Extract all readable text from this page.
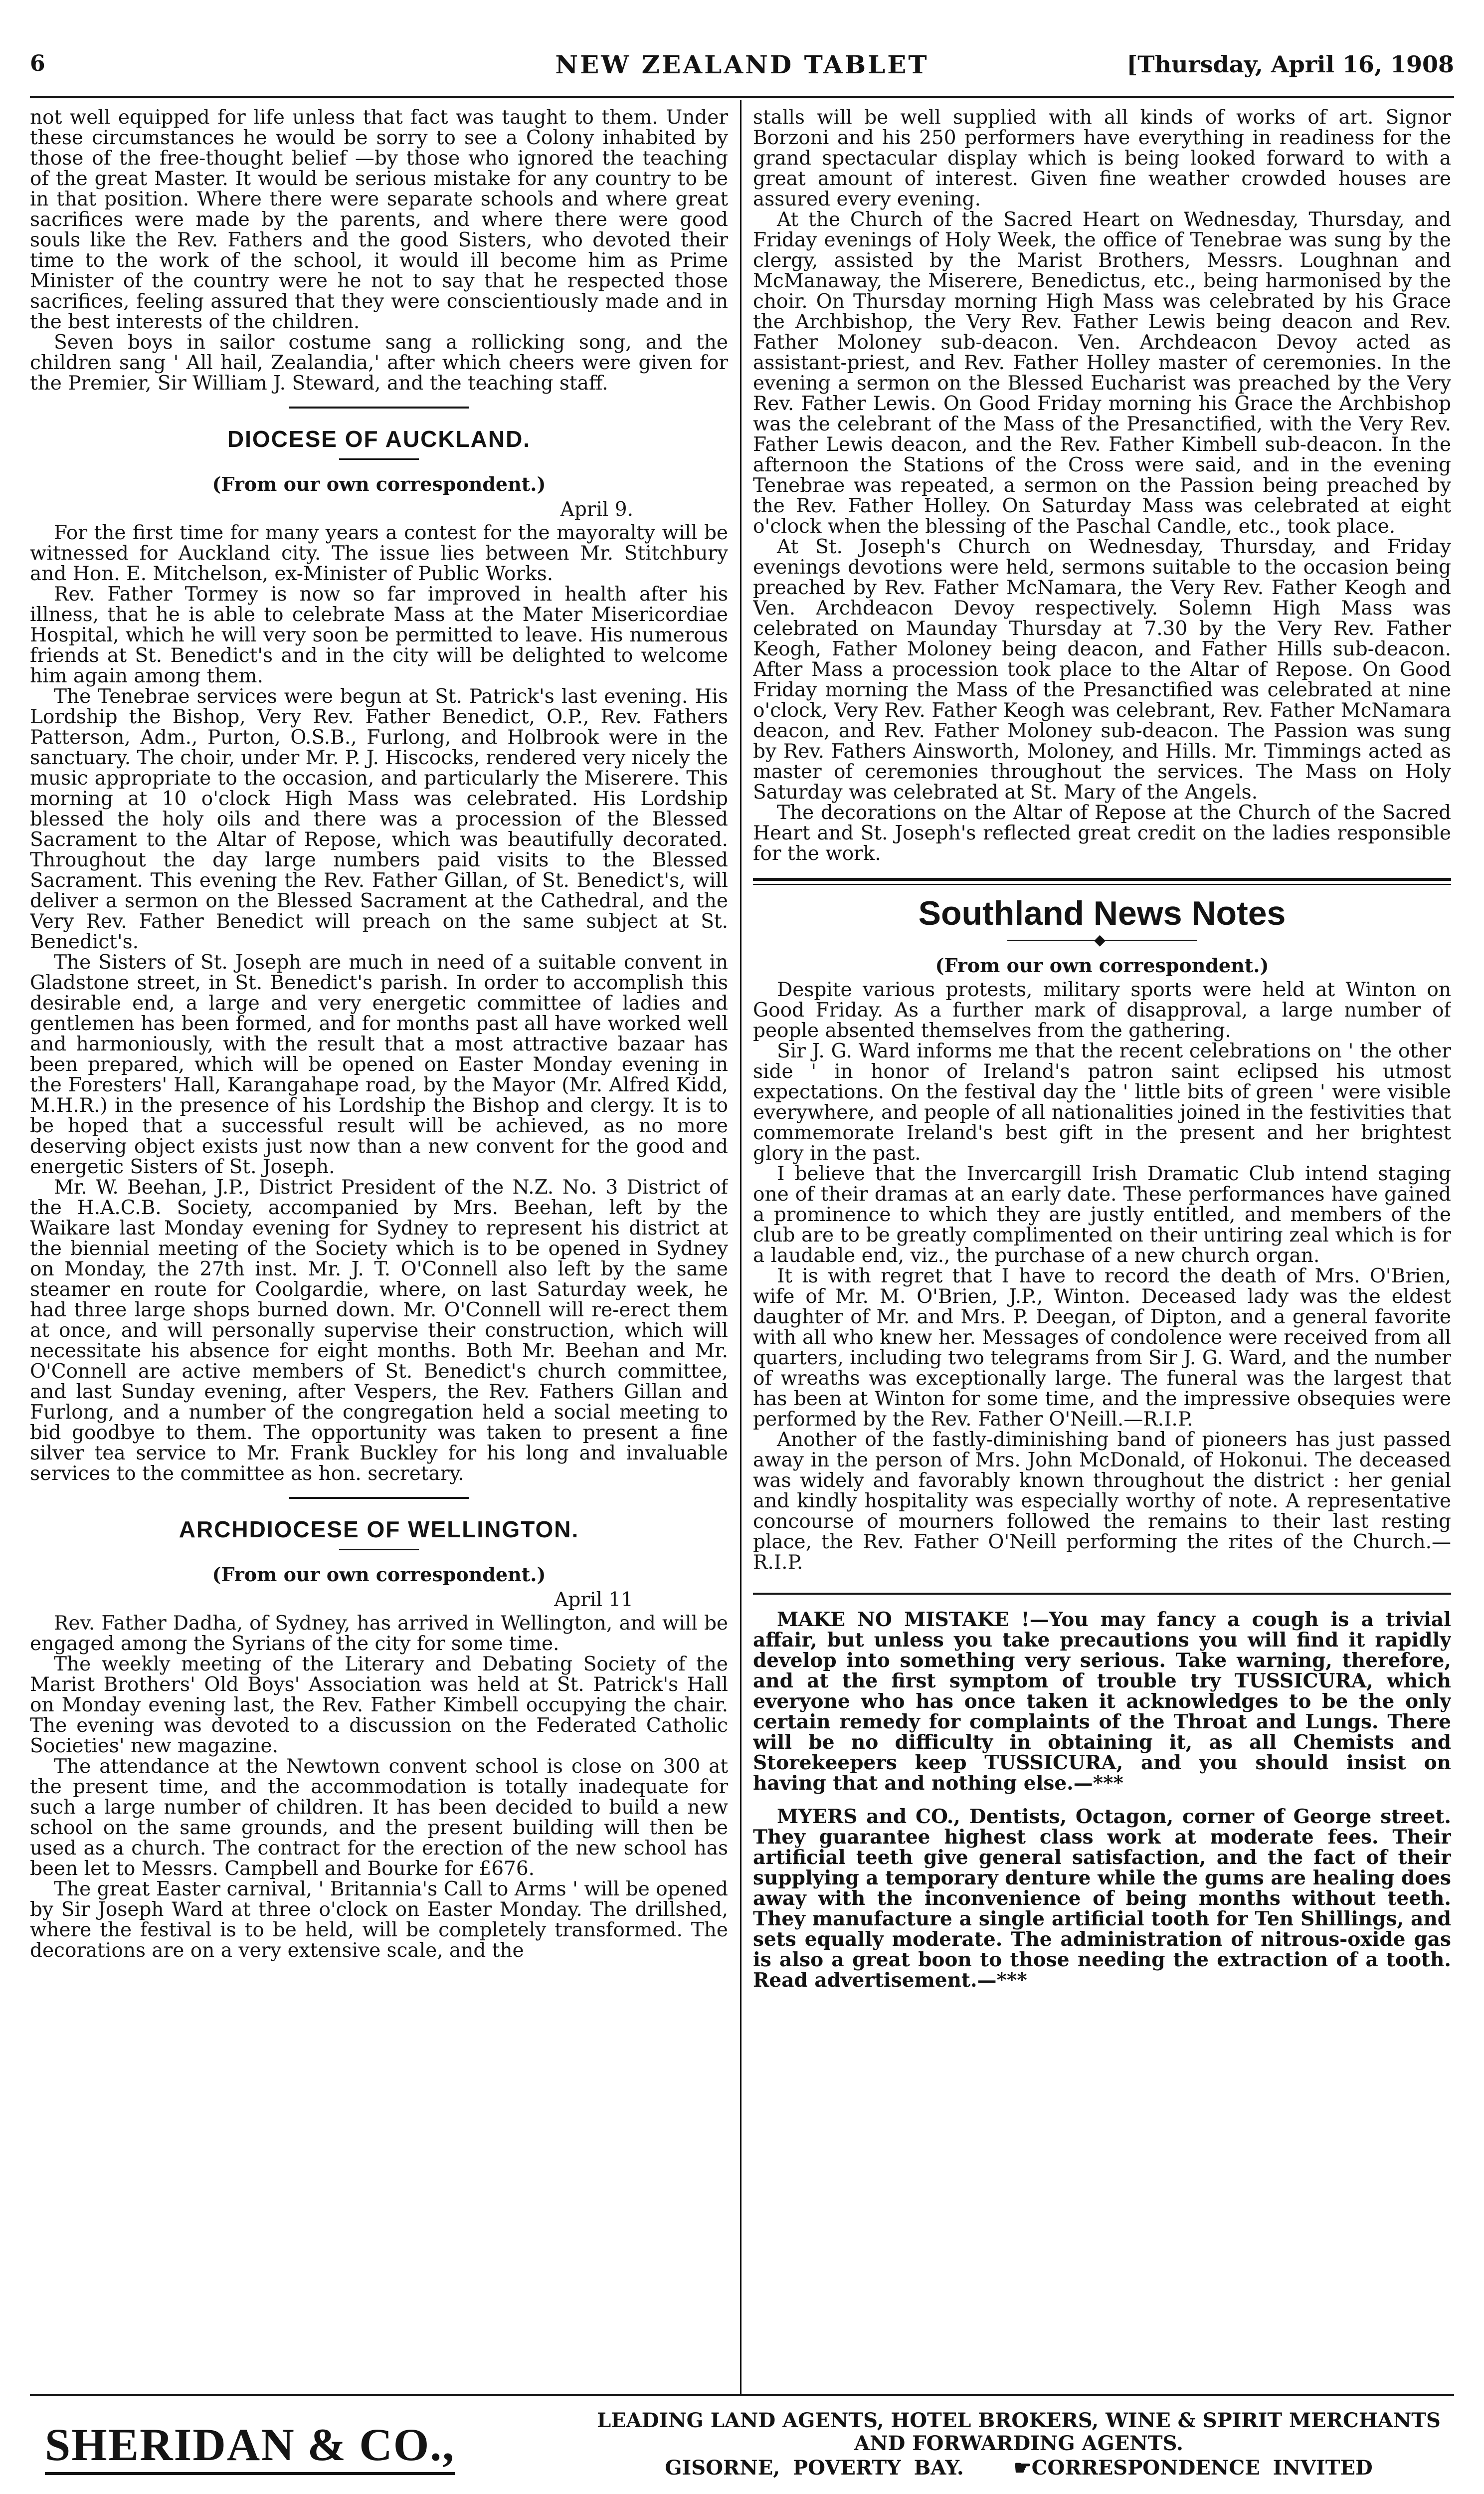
6	NEW ZEALAND TABLET	[Thursday, April 16, 1908

not well equipped for life unless that fact was taught to them. Under these circumstances he would be sorry to see a Colony inhabited by those of the free-thought belief —by those who ignored the teaching of the great Master. It would be serious mistake for any country to be in that position. Where there were separate schools and where great sacrifices were made by the parents, and where there were good souls like the Rev. Fathers and the good Sisters, who devoted their time to the work of the school, it would ill become him as Prime Minister of the country were he not to say that he respected those sacrifices, feeling assured that they were conscientiously made and in the best interests of the children.

Seven boys in sailor costume sang a rollicking song, and the children sang ' All hail, Zealandia,' after which cheers were given for the Premier, Sir William J. Steward, and the teaching staff.

DIOCESE OF AUCKLAND.
(From our own correspondent.)
April 9.

For the first time for many years a contest for the mayoralty will be witnessed for Auckland city. The issue lies between Mr. Stitchbury and Hon. E. Mitchelson, ex-Minister of Public Works.

Rev. Father Tormey is now so far improved in health after his illness, that he is able to celebrate Mass at the Mater Misericordiae Hospital, which he will very soon be permitted to leave. His numerous friends at St. Benedict's and in the city will be delighted to welcome him again among them.

The Tenebrae services were begun at St. Patrick's last evening. His Lordship the Bishop, Very Rev. Father Benedict, O.P., Rev. Fathers Patterson, Adm., Purton, O.S.B., Furlong, and Holbrook were in the sanctuary. The choir, under Mr. P. J. Hiscocks, rendered very nicely the music appropriate to the occasion, and particularly the Miserere. This morning at 10 o'clock High Mass was celebrated. His Lordship blessed the holy oils and there was a procession of the Blessed Sacrament to the Altar of Repose, which was beautifully decorated. Throughout the day large numbers paid visits to the Blessed Sacrament. This evening the Rev. Father Gillan, of St. Benedict's, will deliver a sermon on the Blessed Sacrament at the Cathedral, and the Very Rev. Father Benedict will preach on the same subject at St. Benedict's.

The Sisters of St. Joseph are much in need of a suitable convent in Gladstone street, in St. Benedict's parish. In order to accomplish this desirable end, a large and very energetic committee of ladies and gentlemen has been formed, and for months past all have worked well and harmoniously, with the result that a most attractive bazaar has been prepared, which will be opened on Easter Monday evening in the Foresters' Hall, Karangahape road, by the Mayor (Mr. Alfred Kidd, M.H.R.) in the presence of his Lordship the Bishop and clergy. It is to be hoped that a successful result will be achieved, as no more deserving object exists just now than a new convent for the good and energetic Sisters of St. Joseph.

Mr. W. Beehan, J.P., District President of the N.Z. No. 3 District of the H.A.C.B. Society, accompanied by Mrs. Beehan, left by the Waikare last Monday evening for Sydney to represent his district at the biennial meeting of the Society which is to be opened in Sydney on Monday, the 27th inst. Mr. J. T. O'Connell also left by the same steamer en route for Coolgardie, where, on last Saturday week, he had three large shops burned down. Mr. O'Connell will re-erect them at once, and will personally supervise their construction, which will necessitate his absence for eight months. Both Mr. Beehan and Mr. O'Connell are active members of St. Benedict's church committee, and last Sunday evening, after Vespers, the Rev. Fathers Gillan and Furlong, and a number of the congregation held a social meeting to bid goodbye to them. The opportunity was taken to present a fine silver tea service to Mr. Frank Buckley for his long and invaluable services to the committee as hon. secretary.

ARCHDIOCESE OF WELLINGTON.
(From our own correspondent.)
April 11

Rev. Father Dadha, of Sydney, has arrived in Wellington, and will be engaged among the Syrians of the city for some time.

The weekly meeting of the Literary and Debating Society of the Marist Brothers' Old Boys' Association was held at St. Patrick's Hall on Monday evening last, the Rev. Father Kimbell occupying the chair. The evening was devoted to a discussion on the Federated Catholic Societies' new magazine.

The attendance at the Newtown convent school is close on 300 at the present time, and the accommodation is totally inadequate for such a large number of children. It has been decided to build a new school on the same grounds, and the present building will then be used as a church. The contract for the erection of the new school has been let to Messrs. Campbell and Bourke for £676.

The great Easter carnival, ' Britannia's Call to Arms ' will be opened by Sir Joseph Ward at three o'clock on Easter Monday. The drillshed, where the festival is to be held, will be completely transformed. The decorations are on a very extensive scale, and the

stalls will be well supplied with all kinds of works of art. Signor Borzoni and his 250 performers have everything in readiness for the grand spectacular display which is being looked forward to with a great amount of interest. Given fine weather crowded houses are assured every evening.

At the Church of the Sacred Heart on Wednesday, Thursday, and Friday evenings of Holy Week, the office of Tenebrae was sung by the clergy, assisted by the Marist Brothers, Messrs. Loughnan and McManaway, the Miserere, Benedictus, etc., being harmonised by the choir. On Thursday morning High Mass was celebrated by his Grace the Archbishop, the Very Rev. Father Lewis being deacon and Rev. Father Moloney sub-deacon. Ven. Archdeacon Devoy acted as assistant-priest, and Rev. Father Holley master of ceremonies. In the evening a sermon on the Blessed Eucharist was preached by the Very Rev. Father Lewis. On Good Friday morning his Grace the Archbishop was the celebrant of the Mass of the Presanctified, with the Very Rev. Father Lewis deacon, and the Rev. Father Kimbell sub-deacon. In the afternoon the Stations of the Cross were said, and in the evening Tenebrae was repeated, a sermon on the Passion being preached by the Rev. Father Holley. On Saturday Mass was celebrated at eight o'clock when the blessing of the Paschal Candle, etc., took place.

At St. Joseph's Church on Wednesday, Thursday, and Friday evenings devotions were held, sermons suitable to the occasion being preached by Rev. Father McNamara, the Very Rev. Father Keogh and Ven. Archdeacon Devoy respectively. Solemn High Mass was celebrated on Maunday Thursday at 7.30 by the Very Rev. Father Keogh, Father Moloney being deacon, and Father Hills sub-deacon. After Mass a procession took place to the Altar of Repose. On Good Friday morning the Mass of the Presanctified was celebrated at nine o'clock, Very Rev. Father Keogh was celebrant, Rev. Father McNamara deacon, and Rev. Father Moloney sub-deacon. The Passion was sung by Rev. Fathers Ainsworth, Moloney, and Hills. Mr. Timmings acted as master of ceremonies throughout the services. The Mass on Holy Saturday was celebrated at St. Mary of the Angels.

The decorations on the Altar of Repose at the Church of the Sacred Heart and St. Joseph's reflected great credit on the ladies responsible for the work.

Southland News Notes
◆
(From our own correspondent.)

Despite various protests, military sports were held at Winton on Good Friday. As a further mark of disapproval, a large number of people absented themselves from the gathering.

Sir J. G. Ward informs me that the recent celebrations on ' the other side ' in honor of Ireland's patron saint eclipsed his utmost expectations. On the festival day the ' little bits of green ' were visible everywhere, and people of all nationalities joined in the festivities that commemorate Ireland's best gift in the present and her brightest glory in the past.

I believe that the Invercargill Irish Dramatic Club intend staging one of their dramas at an early date. These performances have gained a prominence to which they are justly entitled, and members of the club are to be greatly complimented on their untiring zeal which is for a laudable end, viz., the purchase of a new church organ.

It is with regret that I have to record the death of Mrs. O'Brien, wife of Mr. M. O'Brien, J.P., Winton. Deceased lady was the eldest daughter of Mr. and Mrs. P. Deegan, of Dipton, and a general favorite with all who knew her. Messages of condolence were received from all quarters, including two telegrams from Sir J. G. Ward, and the number of wreaths was exceptionally large. The funeral was the largest that has been at Winton for some time, and the impressive obsequies were performed by the Rev. Father O'Neill.—R.I.P.

Another of the fastly-diminishing band of pioneers has just passed away in the person of Mrs. John McDonald, of Hokonui. The deceased was widely and favorably known throughout the district : her genial and kindly hospitality was especially worthy of note. A representative concourse of mourners followed the remains to their last resting place, the Rev. Father O'Neill performing the rites of the Church.—R.I.P.

MAKE NO MISTAKE !—You may fancy a cough is a trivial affair, but unless you take precautions you will find it rapidly develop into something very serious. Take warning, therefore, and at the first symptom of trouble try TUSSICURA, which everyone who has once taken it acknowledges to be the only certain remedy for complaints of the Throat and Lungs. There will be no difficulty in obtaining it, as all Chemists and Storekeepers keep TUSSICURA, and you should insist on having that and nothing else.—***

MYERS and CO., Dentists, Octagon, corner of George street. They guarantee highest class work at moderate fees. Their artificial teeth give general satisfaction, and the fact of their supplying a temporary denture while the gums are healing does away with the inconvenience of being months without teeth. They manufacture a single artificial tooth for Ten Shillings, and sets equally moderate. The administration of nitrous-oxide gas is also a great boon to those needing the extraction of a tooth. Read advertisement.—***

SHERIDAN & CO.,	LEADING LAND AGENTS, HOTEL BROKERS, WINE & SPIRIT MERCHANTS
AND FORWARDING AGENTS.
GISORNE, POVERTY BAY.	☛CORRESPONDENCE INVITED
